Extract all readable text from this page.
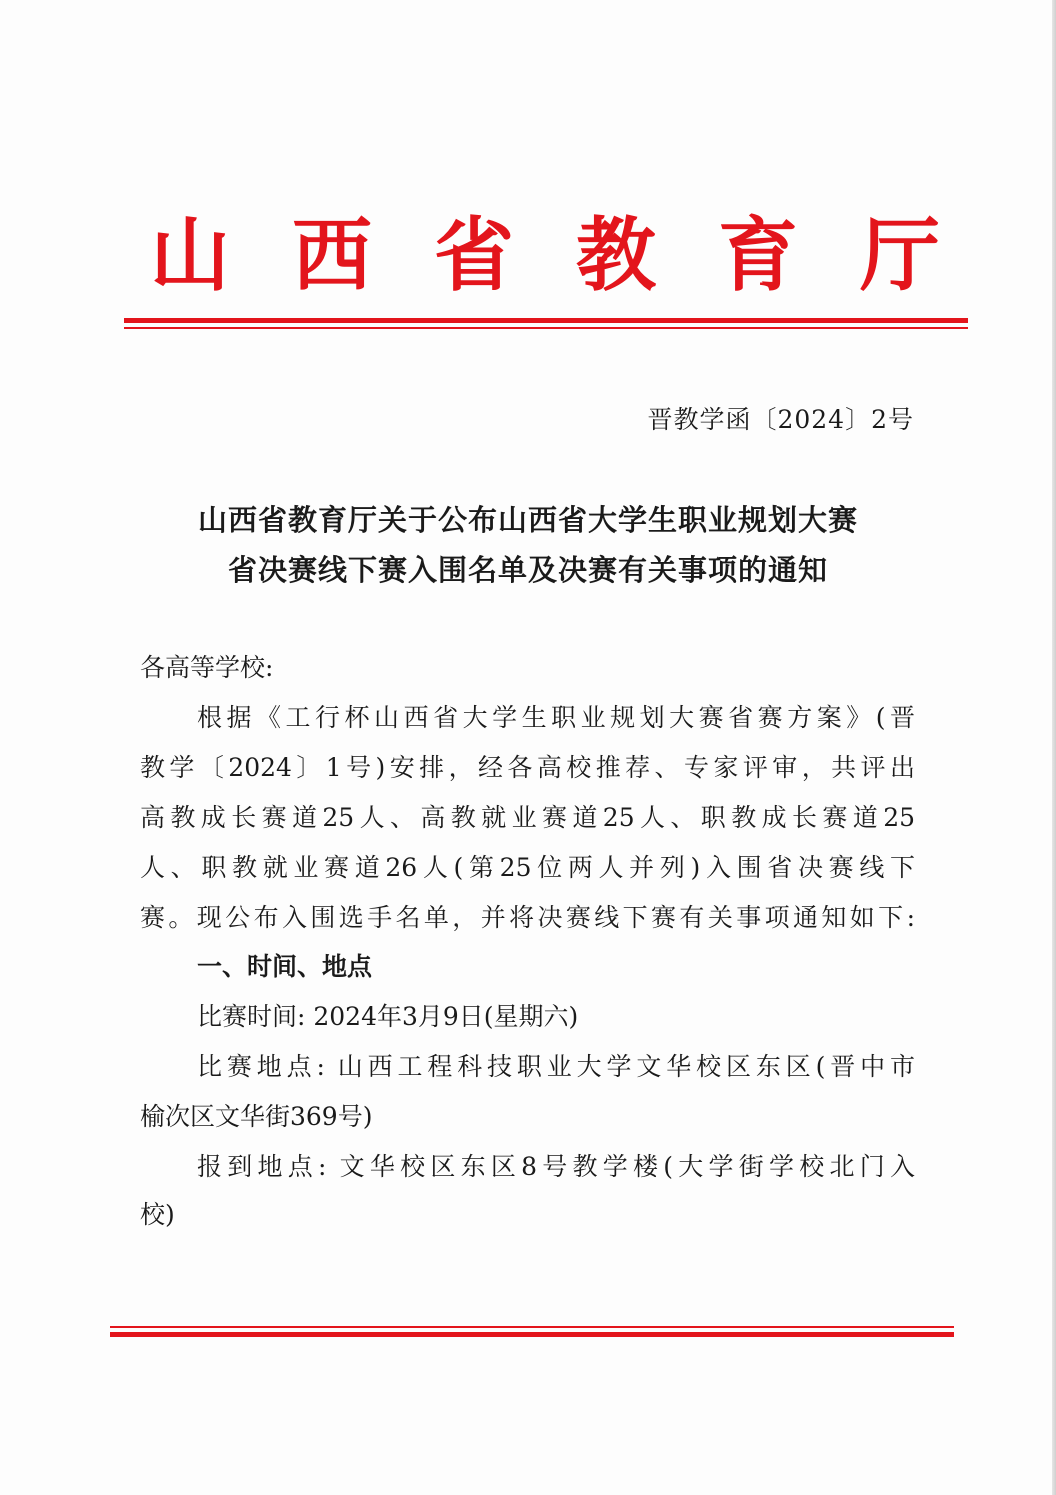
山 西 省 教 育 厅
晋教学函〔2024〕2号
山西省教育厅关于公布山西省大学生职业规划大赛
省决赛线下赛入围名单及决赛有关事项的通知
各高等学校:
根据《工行杯山西省大学生职业规划大赛省赛方案》(晋
教学〔2024〕1号)安排，经各高校推荐、专家评审，共评出
高教成长赛道25人、高教就业赛道25人、职教成长赛道25
人、职教就业赛道26人(第25位两人并列)入围省决赛线下
赛。现公布入围选手名单，并将决赛线下赛有关事项通知如下:
一、时间、地点
比赛时间: 2024年3月9日(星期六)
比赛地点: 山西工程科技职业大学文华校区东区(晋中市
榆次区文华街369号)
报到地点: 文华校区东区8号教学楼(大学街学校北门入
校)
